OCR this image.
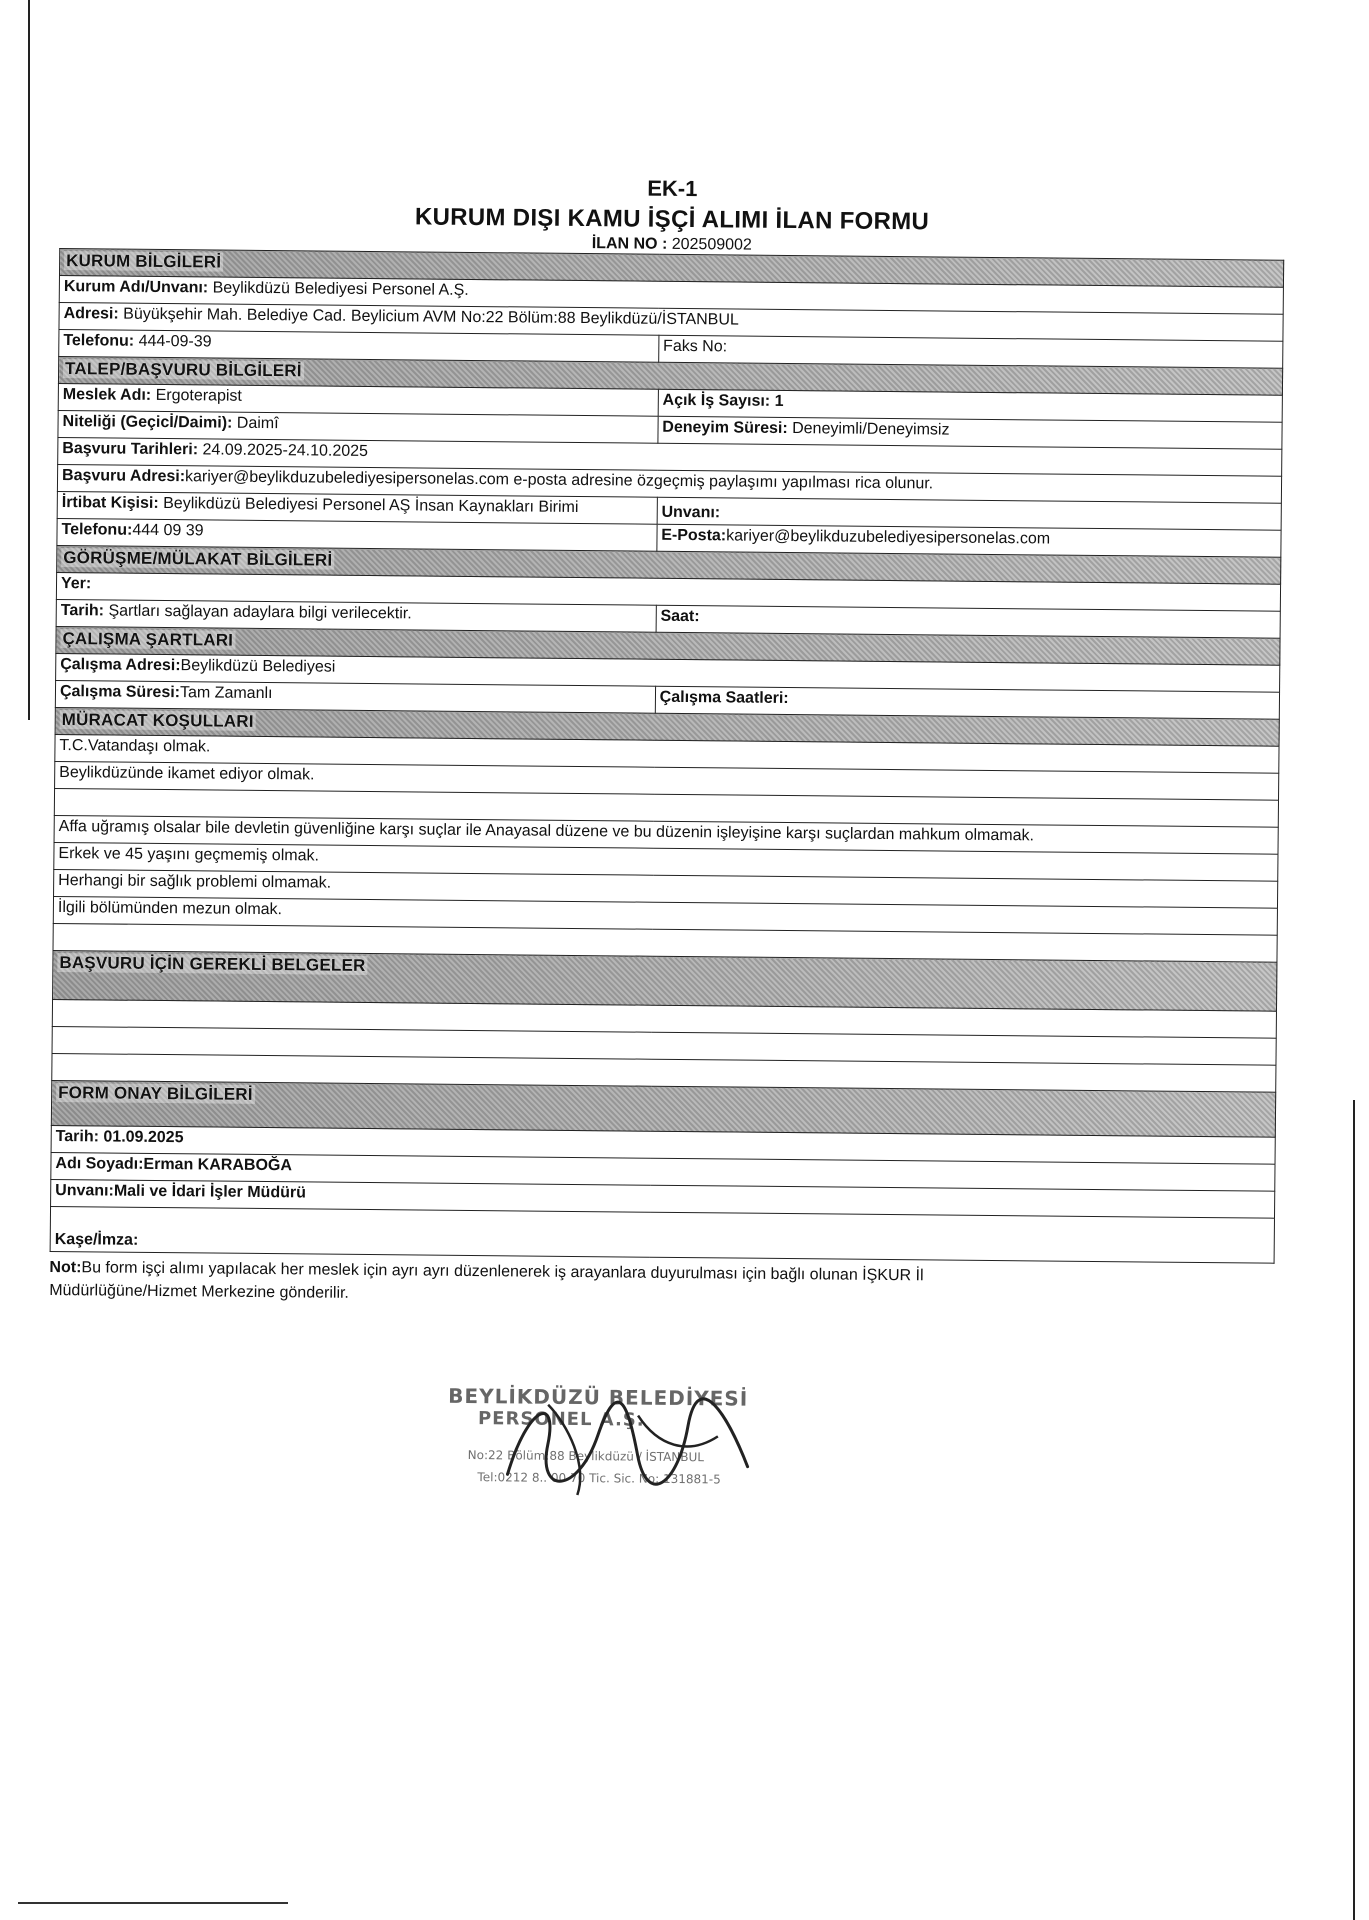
EK-1
KURUM DIŞI KAMU İŞÇİ ALIMI İLAN FORMU
İLAN NO : 202509002
KURUM BİLGİLERİ	
Kurum Adı/Unvanı: Beylikdüzü Belediyesi Personel A.Ş.	
Adresi: Büyükşehir Mah. Belediye Cad. Beylicium AVM No:22 Bölüm:88 Beylikdüzü/İSTANBUL	
Telefonu: 444-09-39	Faks No:
TALEP/BAŞVURU BİLGİLERİ	
Meslek Adı: Ergoterapist	Açık İş Sayısı: 1
Niteliği (Geçicİ/Daimi): Daimî	Deneyim Süresi: Deneyimli/Deneyimsiz
Başvuru Tarihleri: 24.09.2025-24.10.2025	
Başvuru Adresi:kariyer@beylikduzubelediyesipersonelas.com e-posta adresine özgeçmiş paylaşımı yapılması rica olunur.	
İrtibat Kişisi: Beylikdüzü Belediyesi Personel AŞ İnsan Kaynakları Birimi	Unvanı:
Telefonu:444 09 39	E-Posta:kariyer@beylikduzubelediyesipersonelas.com
GÖRÜŞME/MÜLAKAT BİLGİLERİ	
Yer:	
Tarih: Şartları sağlayan adaylara bilgi verilecektir.	Saat:
ÇALIŞMA ŞARTLARI	
Çalışma Adresi:Beylikdüzü Belediyesi	
Çalışma Süresi:Tam Zamanlı	Çalışma Saatleri:
MÜRACAT KOŞULLARI	
T.C.Vatandaşı olmak.	
Beylikdüzünde ikamet ediyor olmak.	

Affa uğramış olsalar bile devletin güvenliğine karşı suçlar ile Anayasal düzene ve bu düzenin işleyişine karşı suçlardan mahkum olmamak.	
Erkek ve 45 yaşını geçmemiş olmak.	
Herhangi bir sağlık problemi olmamak.	
İlgili bölümünden mezun olmak.	

BAŞVURU İÇİN GEREKLİ BELGELER	

FORM ONAY BİLGİLERİ	
Tarih: 01.09.2025	
Adı Soyadı:Erman KARABOĞA	
Unvanı:Mali ve İdari İşler Müdürü	
Kaşe/İmza:	
Not:Bu form işçi alımı yapılacak her meslek için ayrı ayrı düzenlenerek iş arayanlara duyurulması için bağlı olunan İŞKUR İl Müdürlüğüne/Hizmet Merkezine gönderilir.
BEYLİKDÜZÜ BELEDİYESİ
PERSONEL A.Ş.
No:22 Bölüm:88 Beylikdüzü / İSTANBUL
Tel:0212 8.. 00 70 Tic. Sic. No: 131881-5
